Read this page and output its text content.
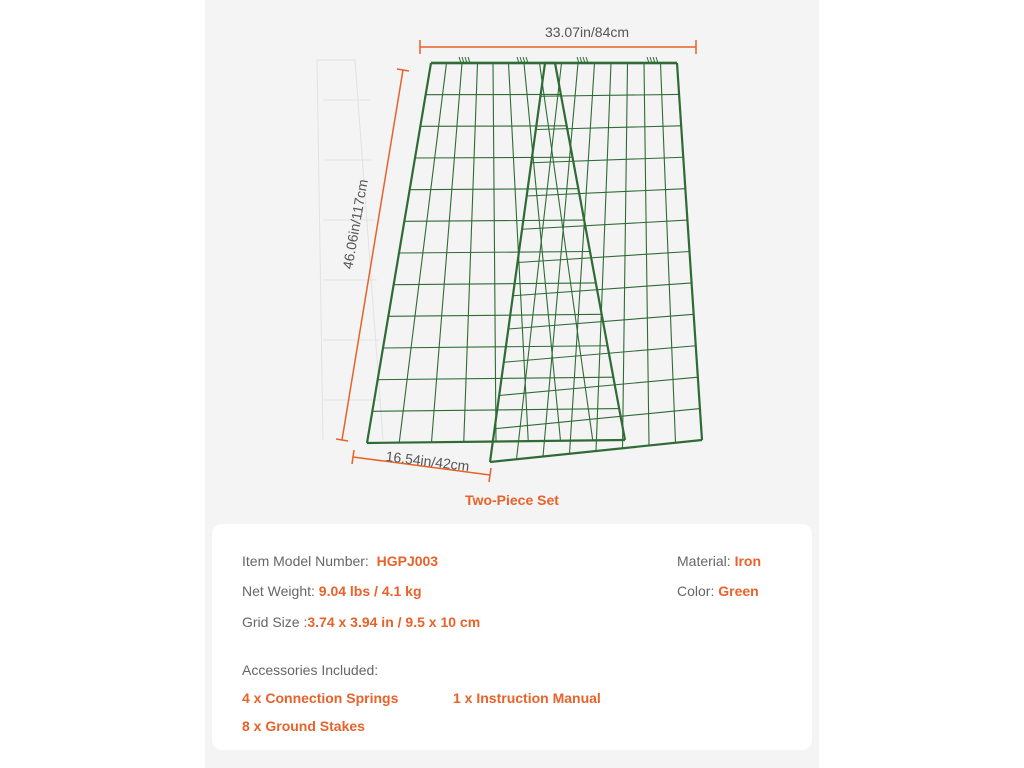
33.07in/84cm
46.06in/117cm
16.54in/42cm
Two-Piece Set
Item Model Number: HGPJ003
Net Weight: 9.04 lbs / 4.1 kg
Grid Size :3.74 x 3.94 in / 9.5 x 10 cm
Material: Iron
Color: Green
Accessories Included:
4 x Connection Springs	1 x Instruction Manual
8 x Ground Stakes
